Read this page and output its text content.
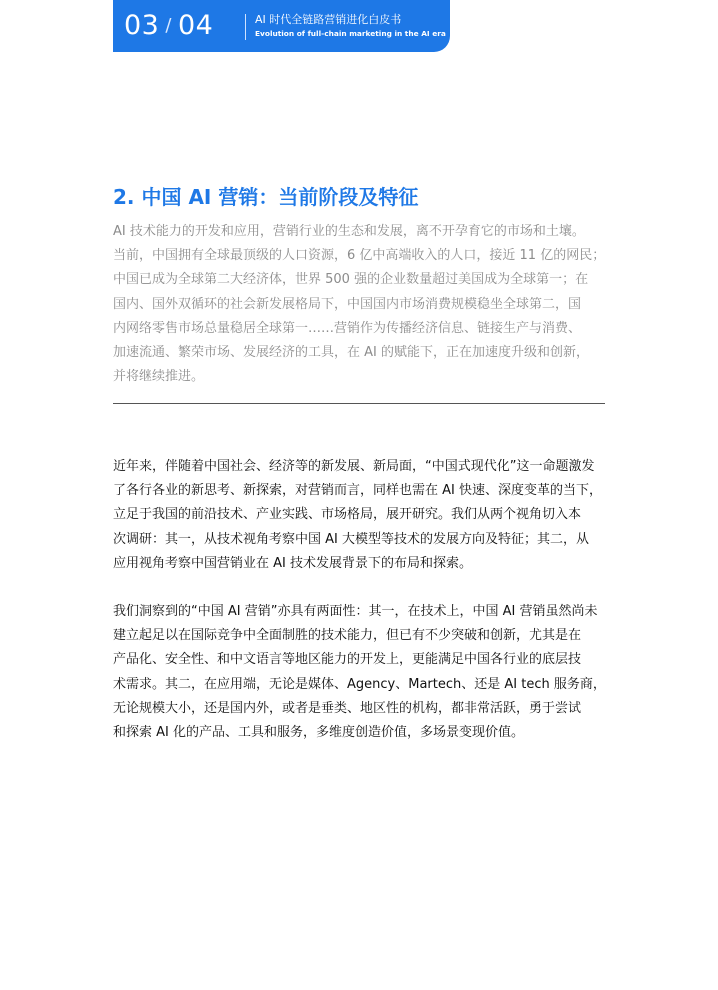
03 / 04	AI 时代全链路营销进化白皮书
Evolution of full-chain marketing in the AI era
2. 中国 AI 营销：当前阶段及特征
AI 技术能力的开发和应用，营销行业的生态和发展，离不开孕育它的市场和土壤。
当前，中国拥有全球最顶级的人口资源，6 亿中高端收入的人口，接近 11 亿的网民；
中国已成为全球第二大经济体，世界 500 强的企业数量超过美国成为全球第一；在
国内、国外双循环的社会新发展格局下，中国国内市场消费规模稳坐全球第二，国
内网络零售市场总量稳居全球第一……营销作为传播经济信息、链接生产与消费、
加速流通、繁荣市场、发展经济的工具，在 AI 的赋能下，正在加速度升级和创新，
并将继续推进。
近年来，伴随着中国社会、经济等的新发展、新局面，“中国式现代化”这一命题激发
了各行各业的新思考、新探索，对营销而言，同样也需在 AI 快速、深度变革的当下，
立足于我国的前沿技术、产业实践、市场格局，展开研究。我们从两个视角切入本
次调研：其一，从技术视角考察中国 AI 大模型等技术的发展方向及特征；其二，从
应用视角考察中国营销业在 AI 技术发展背景下的布局和探索。
我们洞察到的“中国 AI 营销”亦具有两面性：其一，在技术上，中国 AI 营销虽然尚未
建立起足以在国际竞争中全面制胜的技术能力，但已有不少突破和创新，尤其是在
产品化、安全性、和中文语言等地区能力的开发上，更能满足中国各行业的底层技
术需求。其二，在应用端，无论是媒体、Agency、Martech、还是 AI tech 服务商，
无论规模大小，还是国内外，或者是垂类、地区性的机构，都非常活跃，勇于尝试
和探索 AI 化的产品、工具和服务，多维度创造价值，多场景变现价值。
